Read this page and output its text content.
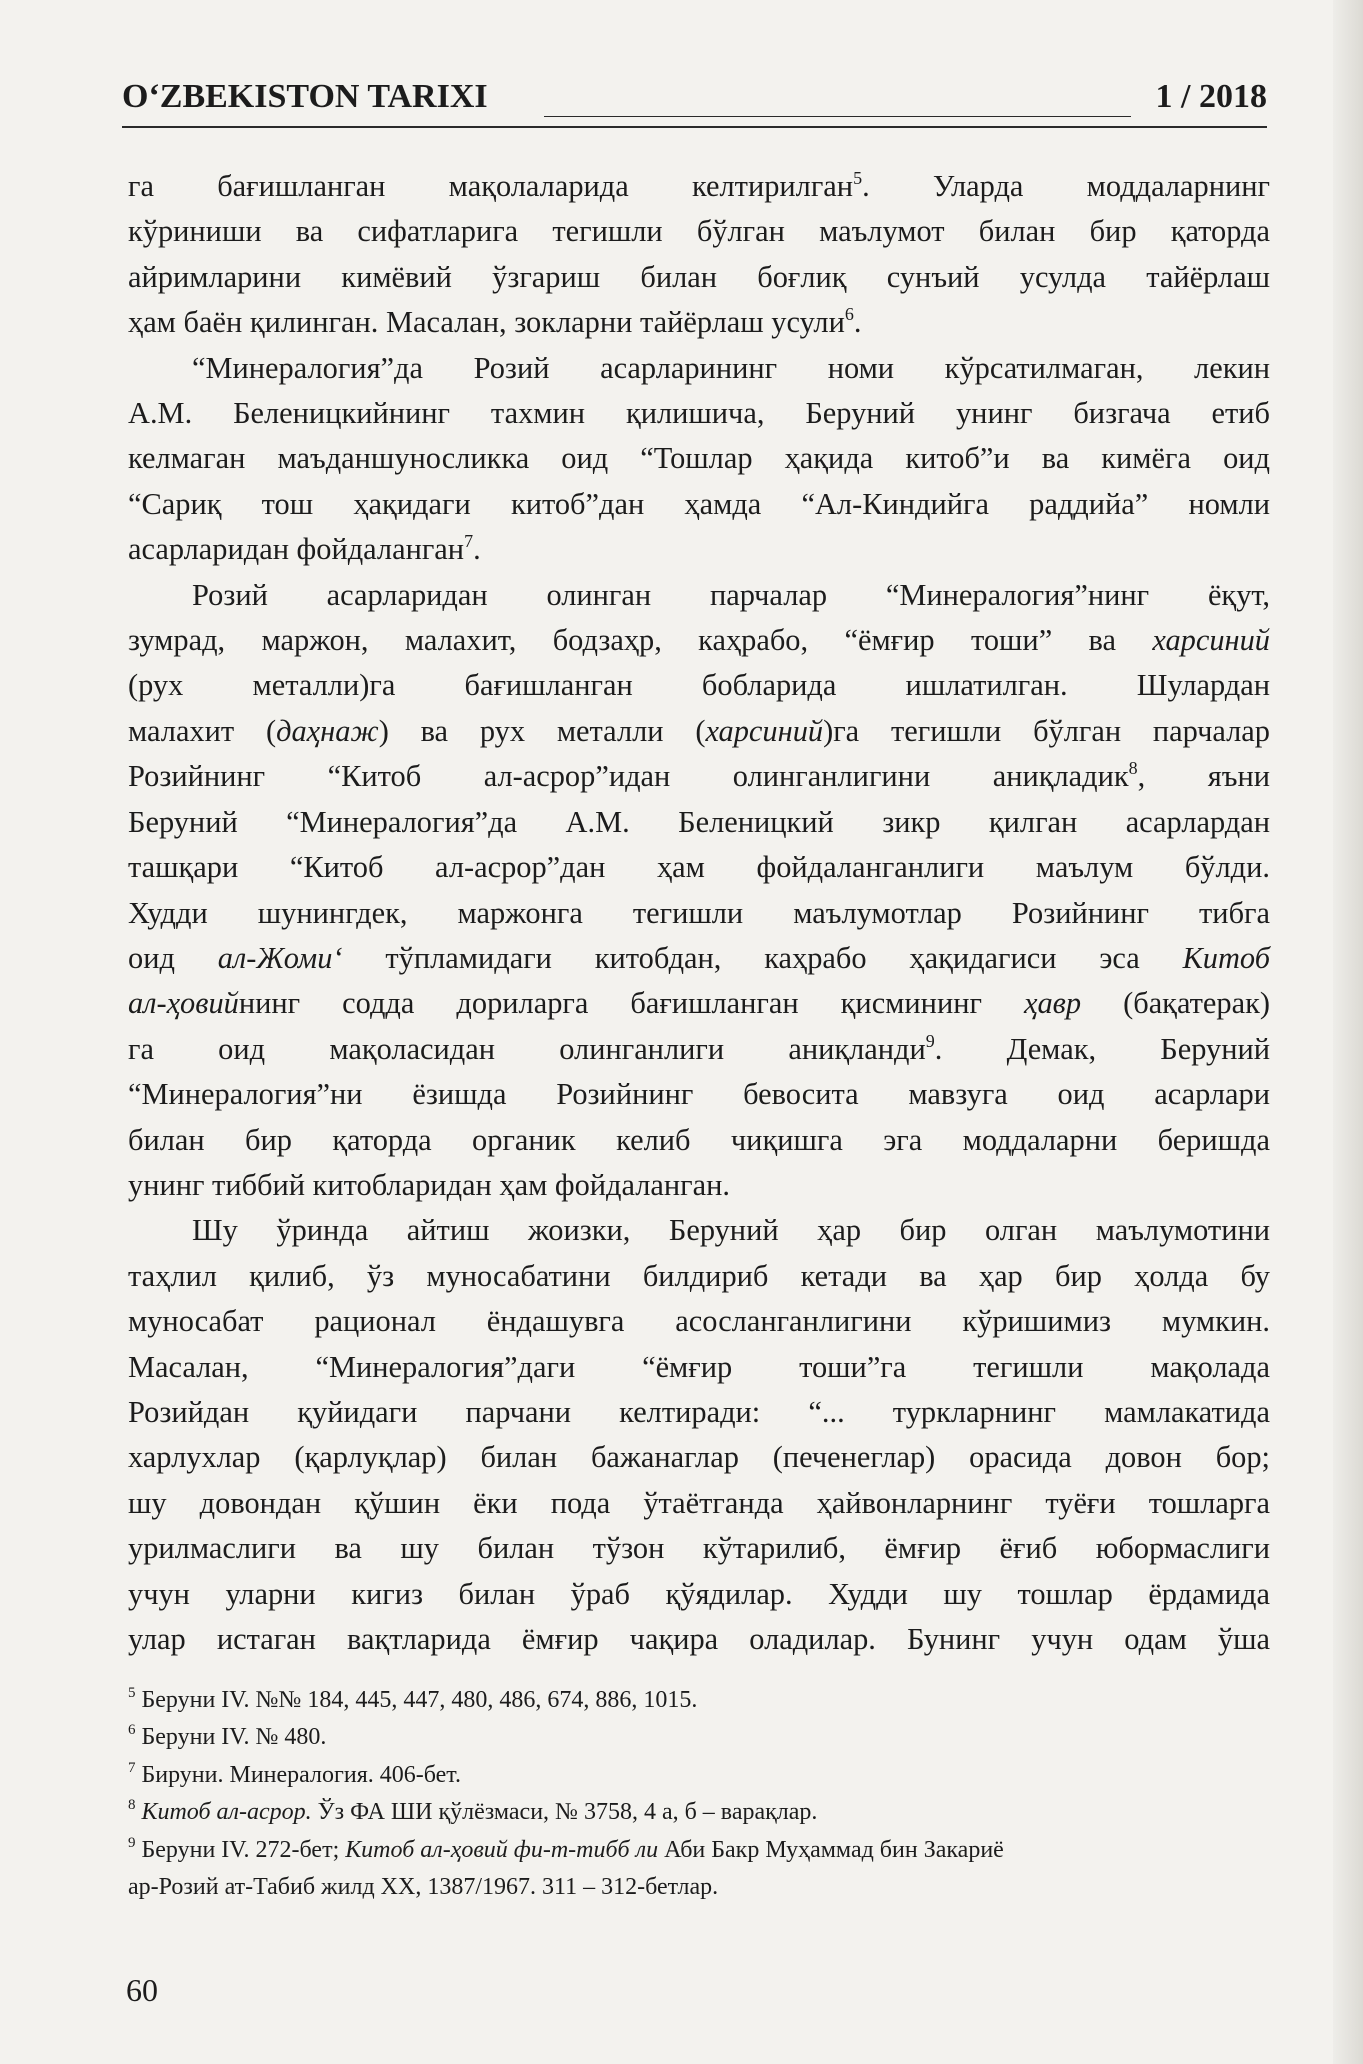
O‘ZBEKISTON TARIXI	1 / 2018

га бағишланган мақолаларида келтирилган$^5$. Уларда моддаларнинг

кўриниши ва сифатларига тегишли бўлган маълумот билан бир қаторда

айримларини кимёвий ўзгариш билан боғлиқ сунъий усулда тайёрлаш

ҳам баён қилинган. Масалан, зокларни тайёрлаш усули$^6$.

“Минералогия”да Розий асарларининг номи кўрсатилмаган, лекин

А.М. Беленицкийнинг тахмин қилишича, Беруний унинг бизгача етиб

келмаган маъданшуносликка оид “Тошлар ҳақида китоб”и ва кимёга оид

“Сариқ тош ҳақидаги китоб”дан ҳамда “Ал-Киндийга раддийа” номли

асарларидан фойдаланган$^7$.

Розий асарларидан олинган парчалар “Минералогия”нинг ёқут,

зумрад, маржон, малахит, бодзаҳр, каҳрабо, “ёмғир тоши” ва харсиний

(рух металли)га бағишланган бобларида ишлатилган. Шулардан

малахит (даҳнаж) ва рух металли (харсиний)га тегишли бўлган парчалар

Розийнинг “Китоб ал-асрор”идан олинганлигини аниқладик$^8$, яъни

Беруний “Минералогия”да А.М. Беленицкий зикр қилган асарлардан

ташқари “Китоб ал-асрор”дан ҳам фойдаланганлиги маълум бўлди.

Худди шунингдек, маржонга тегишли маълумотлар Розийнинг тибга

оид ал-Жоми‘ тўпламидаги китобдан, каҳрабо ҳақидагиси эса Китоб

ал-ҳовийнинг содда дориларга бағишланган қисмининг ҳавр (бақатерак)

га оид мақоласидан олинганлиги аниқланди$^9$. Демак, Беруний

“Минералогия”ни ёзишда Розийнинг бевосита мавзуга оид асарлари

билан бир қаторда органик келиб чиқишга эга моддаларни беришда

унинг тиббий китобларидан ҳам фойдаланган.

Шу ўринда айтиш жоизки, Беруний ҳар бир олган маълумотини

таҳлил қилиб, ўз муносабатини билдириб кетади ва ҳар бир ҳолда бу

муносабат рационал ёндашувга асосланганлигини кўришимиз мумкин.

Масалан, “Минералогия”даги “ёмғир тоши”га тегишли мақолада

Розийдан қуйидаги парчани келтиради: “... туркларнинг мамлакатида

харлухлар (қарлуқлар) билан бажанаглар (печенеглар) орасида довон бор;

шу довондан қўшин ёки пода ўтаётганда ҳайвонларнинг туёғи тошларга

урилмаслиги ва шу билан тўзон кўтарилиб, ёмғир ёғиб юбормаслиги

учун уларни кигиз билан ўраб қўядилар. Худди шу тошлар ёрдамида

улар истаган вақтларида ёмғир чақира оладилар. Бунинг учун одам ўша

$^5$ Беруни IV. №№ 184, 445, 447, 480, 486, 674, 886, 1015.
$^6$ Беруни IV. № 480.
$^7$ Бируни. Минералогия. 406-бет.
$^8$ Китоб ал-асрор. Ўз ФА ШИ қўлёзмаси, № 3758, 4 а, б – варақлар.
$^9$ Беруни IV. 272-бет; Китоб ал-ҳовий фи-т-тибб ли Аби Бакр Муҳаммад бин Закариё
ар-Розий ат-Табиб жилд XX, 1387/1967. 311 – 312-бетлар.
60
